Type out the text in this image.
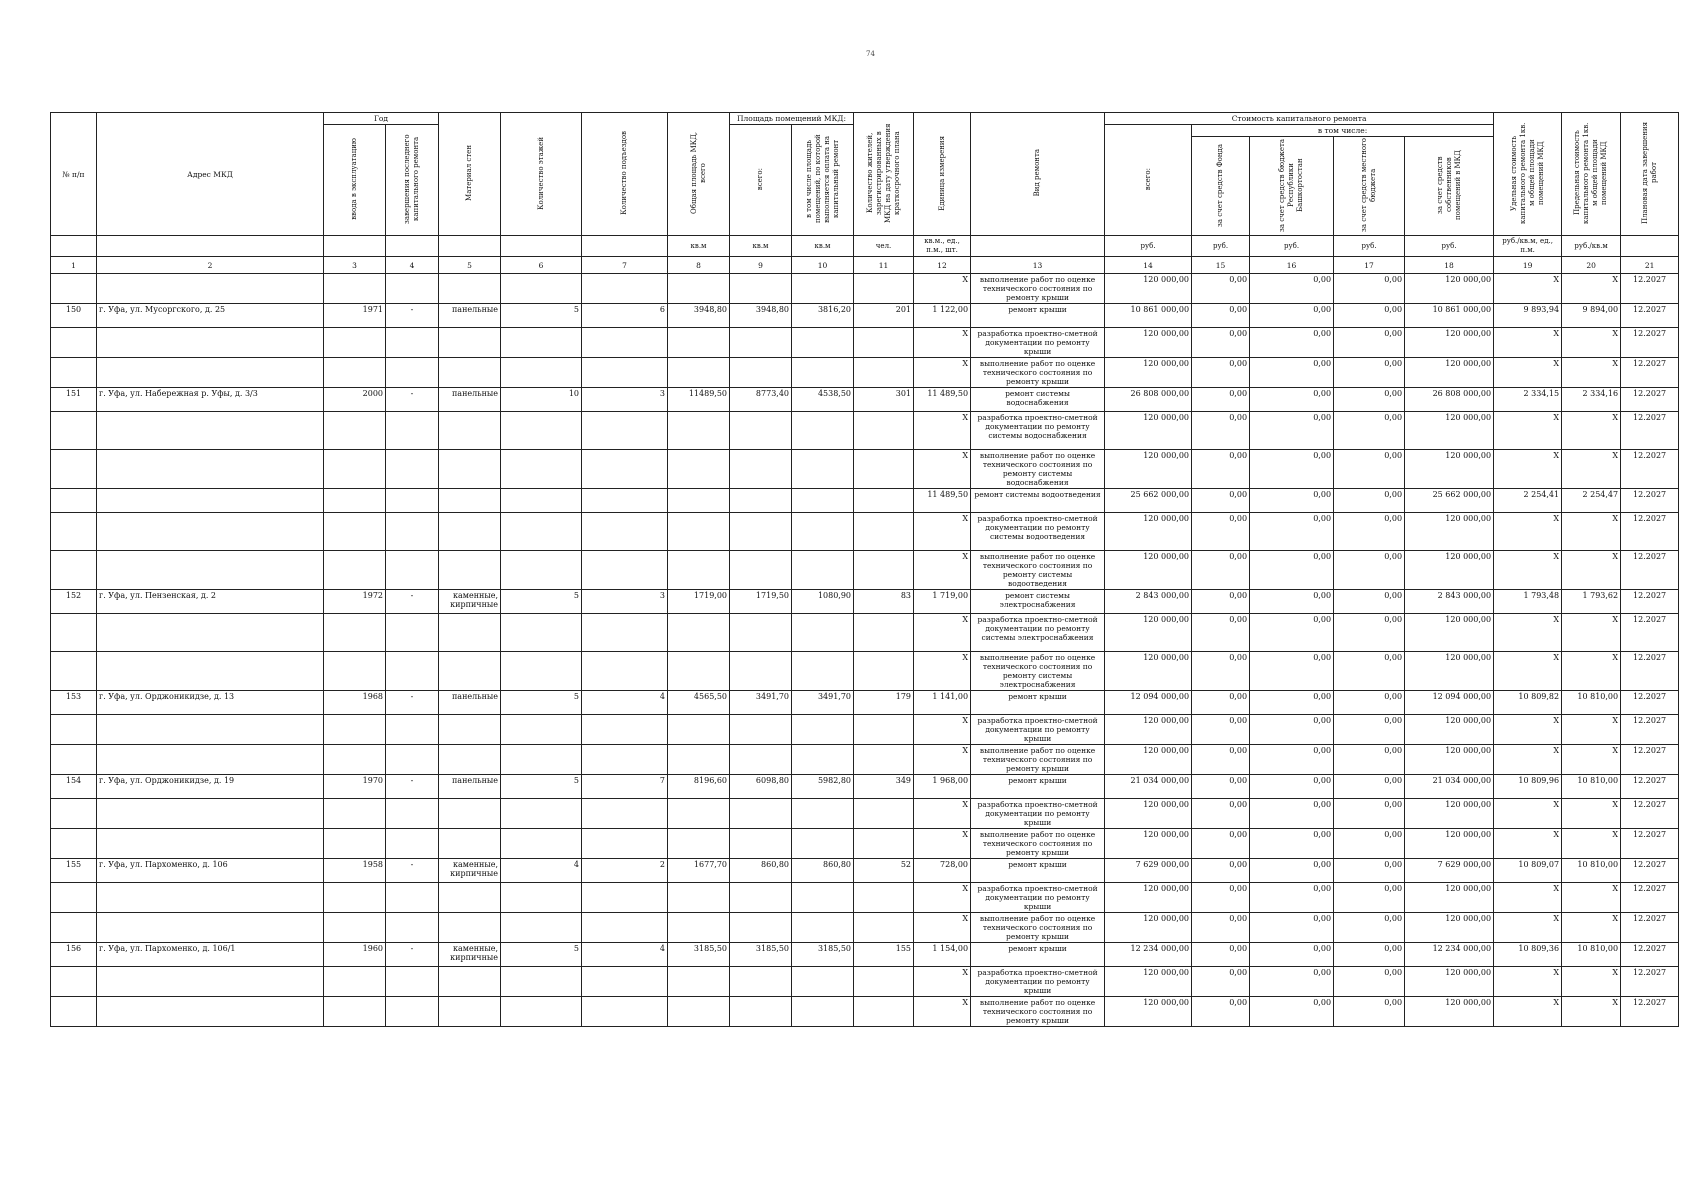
74
№ п/п	Адрес МКД	Год		Материал стен	Количество этажей	Количество подъездов	Общая площадь МКД, всего	Площадь помещений МКД:		Количество жителей, зарегистрированных в МКД на дату утверждения краткосрочного плана	Единица измерения	Вид ремонта	Стоимость капитального ремонта					Удельная стоимость капитального ремонта 1кв. м общей площади помещений МКД	Предельная стоимость капитального ремонта 1кв. м общей площади помещений МКД	Плановая дата завершения работ
		ввода в эксплуатацию	завершения последнего капитального ремонта					всего:	в том числе площадь помещений, по которой выполняется оплата на капитальный ремонт				всего:	в том числе:						
														за счет средств Фонда	за счет средств бюджета Республики Башкортостан	за счет средств местного бюджета	за счет средств собственников помещений в МКД			
							кв.м	кв.м	кв.м	чел.	кв.м., ед., п.м., шт.		руб.	руб.	руб.	руб.	руб.	руб./кв.м, ед., п.м.	руб./кв.м	
1	2	3	4	5	6	7	8	9	10	11	12	13	14	15	16	17	18	19	20	21
											X	выполнение работ по оценке технического состояния по ремонту крыши	120 000,00	0,00	0,00	0,00	120 000,00	X	X	12.2027
150	г. Уфа, ул. Мусоргского, д. 25	1971	-	панельные	5	6	3948,80	3948,80	3816,20	201	1 122,00	ремонт крыши	10 861 000,00	0,00	0,00	0,00	10 861 000,00	9 893,94	9 894,00	12.2027
											X	разработка проектно-сметной документации по ремонту крыши	120 000,00	0,00	0,00	0,00	120 000,00	X	X	12.2027
											X	выполнение работ по оценке технического состояния по ремонту крыши	120 000,00	0,00	0,00	0,00	120 000,00	X	X	12.2027
151	г. Уфа, ул. Набережная р. Уфы, д. 3/3	2000	-	панельные	10	3	11489,50	8773,40	4538,50	301	11 489,50	ремонт системы водоснабжения	26 808 000,00	0,00	0,00	0,00	26 808 000,00	2 334,15	2 334,16	12.2027
											X	разработка проектно-сметной документации по ремонту системы водоснабжения	120 000,00	0,00	0,00	0,00	120 000,00	X	X	12.2027
											X	выполнение работ по оценке технического состояния по ремонту системы водоснабжения	120 000,00	0,00	0,00	0,00	120 000,00	X	X	12.2027
											11 489,50	ремонт системы водоотведения	25 662 000,00	0,00	0,00	0,00	25 662 000,00	2 254,41	2 254,47	12.2027
											X	разработка проектно-сметной документации по ремонту системы водоотведения	120 000,00	0,00	0,00	0,00	120 000,00	X	X	12.2027
											X	выполнение работ по оценке технического состояния по ремонту системы водоотведения	120 000,00	0,00	0,00	0,00	120 000,00	X	X	12.2027
152	г. Уфа, ул. Пензенская, д. 2	1972	-	каменные, кирпичные	5	3	1719,00	1719,50	1080,90	83	1 719,00	ремонт системы электроснабжения	2 843 000,00	0,00	0,00	0,00	2 843 000,00	1 793,48	1 793,62	12.2027
											X	разработка проектно-сметной документации по ремонту системы электроснабжения	120 000,00	0,00	0,00	0,00	120 000,00	X	X	12.2027
											X	выполнение работ по оценке технического состояния по ремонту системы электроснабжения	120 000,00	0,00	0,00	0,00	120 000,00	X	X	12.2027
153	г. Уфа, ул. Орджоникидзе, д. 13	1968	-	панельные	5	4	4565,50	3491,70	3491,70	179	1 141,00	ремонт крыши	12 094 000,00	0,00	0,00	0,00	12 094 000,00	10 809,82	10 810,00	12.2027
											X	разработка проектно-сметной документации по ремонту крыши	120 000,00	0,00	0,00	0,00	120 000,00	X	X	12.2027
											X	выполнение работ по оценке технического состояния по ремонту крыши	120 000,00	0,00	0,00	0,00	120 000,00	X	X	12.2027
154	г. Уфа, ул. Орджоникидзе, д. 19	1970	-	панельные	5	7	8196,60	6098,80	5982,80	349	1 968,00	ремонт крыши	21 034 000,00	0,00	0,00	0,00	21 034 000,00	10 809,96	10 810,00	12.2027
											X	разработка проектно-сметной документации по ремонту крыши	120 000,00	0,00	0,00	0,00	120 000,00	X	X	12.2027
											X	выполнение работ по оценке технического состояния по ремонту крыши	120 000,00	0,00	0,00	0,00	120 000,00	X	X	12.2027
155	г. Уфа, ул. Пархоменко, д. 106	1958	-	каменные, кирпичные	4	2	1677,70	860,80	860,80	52	728,00	ремонт крыши	7 629 000,00	0,00	0,00	0,00	7 629 000,00	10 809,07	10 810,00	12.2027
											X	разработка проектно-сметной документации по ремонту крыши	120 000,00	0,00	0,00	0,00	120 000,00	X	X	12.2027
											X	выполнение работ по оценке технического состояния по ремонту крыши	120 000,00	0,00	0,00	0,00	120 000,00	X	X	12.2027
156	г. Уфа, ул. Пархоменко, д. 106/1	1960	-	каменные, кирпичные	5	4	3185,50	3185,50	3185,50	155	1 154,00	ремонт крыши	12 234 000,00	0,00	0,00	0,00	12 234 000,00	10 809,36	10 810,00	12.2027
											X	разработка проектно-сметной документации по ремонту крыши	120 000,00	0,00	0,00	0,00	120 000,00	X	X	12.2027
											X	выполнение работ по оценке технического состояния по ремонту крыши	120 000,00	0,00	0,00	0,00	120 000,00	X	X	12.2027
